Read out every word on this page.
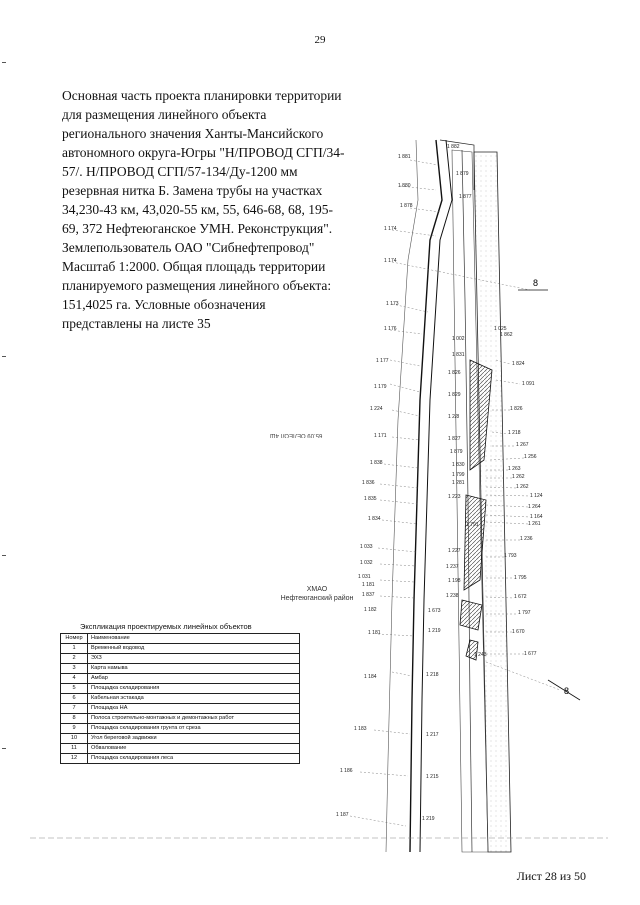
29

Основная часть проекта планировки территории

для размещения линейного объекта

регионального значения Ханты-Мансийского

автономного округа-Югры "Н/ПРОВОД СГП/34-

57/. Н/ПРОВОД СГП/57-134/Ду-1200 мм

резервная нитка Б. Замена трубы на участках

34,230-43 км, 43,020-55 км, 55, 646-68, 68, 195-

69, 372 Нефтеюганское УМН. Реконструкция".

Землепользователь ОАО "Сибнефтепровод"

Масштаб 1:2000. Общая площадь территории

планируемого размещения линейного объекта:

151,4025 га. Условные обозначения

представлены на листе 35

1 881
1 882
1 879
1 880
1 877
1 878
1 174
1 174
1 173
1 025
1 002
1 862
1 176
1 831
1 824
1 177
1 826
1 091
1 179
1 829
1 224	1 826
1 2/8
1 171	1 218
1 827
1 267
1 879
1 256
1 838	1 830
1 263
1 799	1 262
1 836	1 281
1 262
1 835	1 223	1 124
1 264
1 834	1 164
1 791	1 261
1 236
1 033
1 227
1 793
1 032
1 237
1 031
1 198	1 795
1 181
1 837	1 238	1 672
1 182	1 673	1 797
1 219	1 670
1 181
1 243	1 677
1 184	1 218
1 183
1 217
1 186
1 215
1 187
1 219
8
8
65.09 OЕЛЕОЛ 4Ш
ХМАО
Нефтеюганский район
Экспликация проектируемых линейных объектов
Номер	Наименование
1	Временный водовод
2	ЭХЗ
3	Карта намыва
4	Амбар
5	Площадка складирования
6	Кабельная эстакада
7	Площадка НА
8	Полоса строительно-монтажных и демонтажных работ
9	Площадка складирования грунта от среза
10	Угол береговой задвижки
11	Обвалование
12	Площадка складирования леса
Лист 28 из 50
